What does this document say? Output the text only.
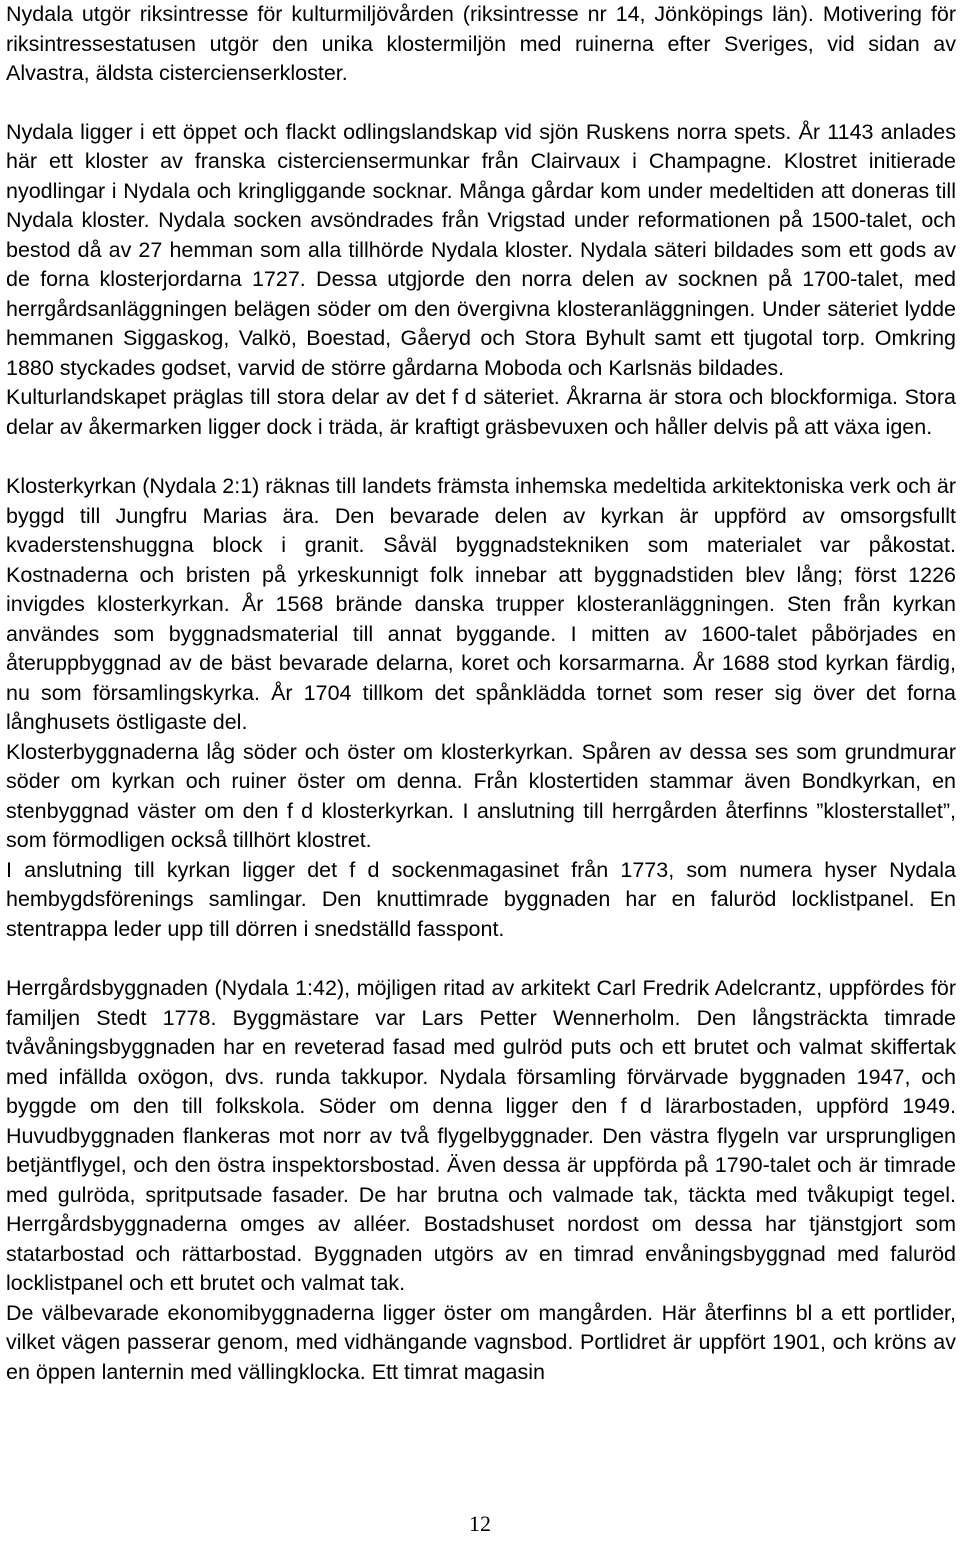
Nydala utgör riksintresse för kulturmiljövården (riksintresse nr 14, Jönköpings län). Motivering för riksintressestatusen utgör den unika klostermiljön med ruinerna efter Sveriges, vid sidan av Alvastra, äldsta cistercienserkloster.

Nydala ligger i ett öppet och flackt odlingslandskap vid sjön Ruskens norra spets. År 1143 anlades här ett kloster av franska cisterciensermunkar från Clairvaux i Champagne. Klostret initierade nyodlingar i Nydala och kringliggande socknar. Många gårdar kom under medeltiden att doneras till Nydala kloster. Nydala socken avsöndrades från Vrigstad under reformationen på 1500-talet, och bestod då av 27 hemman som alla tillhörde Nydala kloster. Nydala säteri bildades som ett gods av de forna klosterjordarna 1727. Dessa utgjorde den norra delen av socknen på 1700-talet, med herrgårdsanläggningen belägen söder om den övergivna klosteranläggningen. Under säteriet lydde hemmanen Siggaskog, Valkö, Boestad, Gåeryd och Stora Byhult samt ett tjugotal torp. Omkring 1880 styckades godset, varvid de större gårdarna Moboda och Karlsnäs bildades.

Kulturlandskapet präglas till stora delar av det f d säteriet. Åkrarna är stora och blockformiga. Stora delar av åkermarken ligger dock i träda, är kraftigt gräsbevuxen och håller delvis på att växa igen.

Klosterkyrkan (Nydala 2:1) räknas till landets främsta inhemska medeltida arkitektoniska verk och är byggd till Jungfru Marias ära. Den bevarade delen av kyrkan är uppförd av omsorgsfullt kvaderstenshuggna block i granit. Såväl byggnadstekniken som materialet var påkostat. Kostnaderna och bristen på yrkeskunnigt folk innebar att byggnadstiden blev lång; först 1226 invigdes klosterkyrkan. År 1568 brände danska trupper klosteranläggningen. Sten från kyrkan användes som byggnadsmaterial till annat byggande. I mitten av 1600-talet påbörjades en återuppbyggnad av de bäst bevarade delarna, koret och korsarmarna. År 1688 stod kyrkan färdig, nu som församlingskyrka. År 1704 tillkom det spånklädda tornet som reser sig över det forna långhusets östligaste del.

Klosterbyggnaderna låg söder och öster om klosterkyrkan. Spåren av dessa ses som grundmurar söder om kyrkan och ruiner öster om denna. Från klostertiden stammar även Bondkyrkan, en stenbyggnad väster om den f d klosterkyrkan. I anslutning till herrgården återfinns ”klosterstallet”, som förmodligen också tillhört klostret.

I anslutning till kyrkan ligger det f d sockenmagasinet från 1773, som numera hyser Nydala hembygdsförenings samlingar. Den knuttimrade byggnaden har en faluröd locklistpanel. En stentrappa leder upp till dörren i snedställd fasspont.

Herrgårdsbyggnaden (Nydala 1:42), möjligen ritad av arkitekt Carl Fredrik Adelcrantz, uppfördes för familjen Stedt 1778. Byggmästare var Lars Petter Wennerholm. Den långsträckta timrade tvåvåningsbyggnaden har en reveterad fasad med gulröd puts och ett brutet och valmat skiffertak med infällda oxögon, dvs. runda takkupor. Nydala församling förvärvade byggnaden 1947, och byggde om den till folkskola. Söder om denna ligger den f d lärarbostaden, uppförd 1949. Huvudbyggnaden flankeras mot norr av två flygelbyggnader. Den västra flygeln var ursprungligen betjäntflygel, och den östra inspektorsbostad. Även dessa är uppförda på 1790-talet och är timrade med gulröda, spritputsade fasader. De har brutna och valmade tak, täckta med tvåkupigt tegel. Herrgårdsbyggnaderna omges av alléer. Bostadshuset nordost om dessa har tjänstgjort som statarbostad och rättarbostad. Byggnaden utgörs av en timrad envåningsbyggnad med faluröd locklistpanel och ett brutet och valmat tak.

De välbevarade ekonomibyggnaderna ligger öster om mangården. Här återfinns bl a ett portlider, vilket vägen passerar genom, med vidhängande vagnsbod. Portlidret är uppfört 1901, och kröns av en öppen lanternin med vällingklocka. Ett timrat magasin

12
